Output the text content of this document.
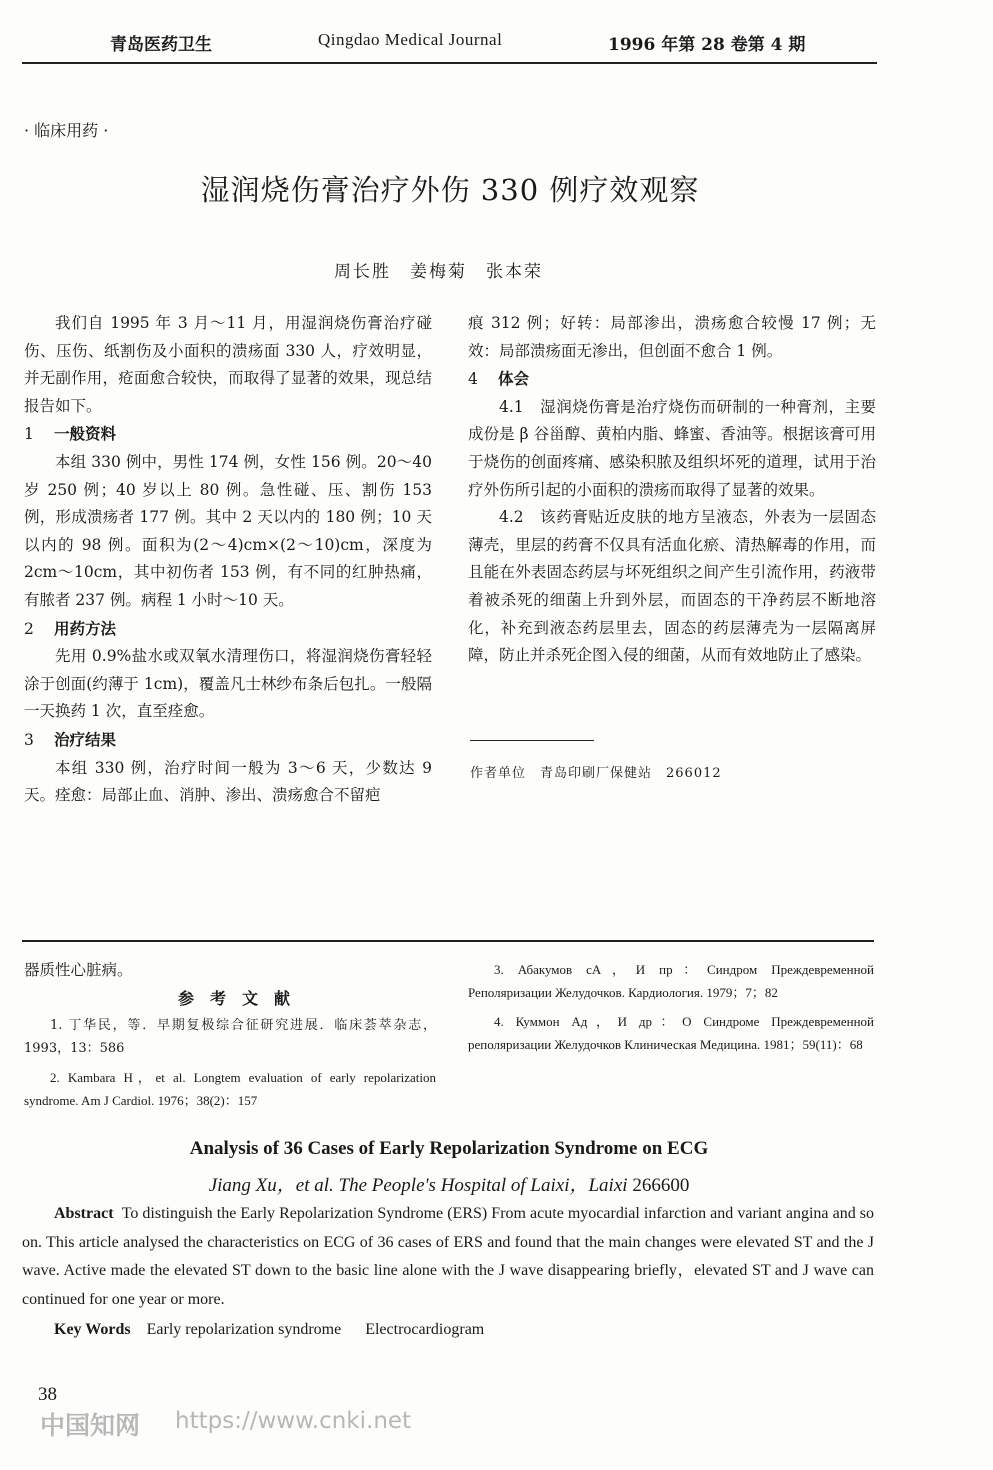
青岛医药卫生	Qingdao Medical Journal	1996 年第 28 卷第 4 期
· 临床用药 ·
湿润烧伤膏治疗外伤 330 例疗效观察
周长胜　姜梅菊　张本荣

我们自 1995 年 3 月～11 月，用湿润烧伤膏治疗碰伤、压伤、纸割伤及小面积的溃疡面 330 人，疗效明显，并无副作用，疮面愈合较快，而取得了显著的效果，现总结报告如下。

1 一般资料

本组 330 例中，男性 174 例，女性 156 例。20～40 岁 250 例；40 岁以上 80 例。急性碰、压、割伤 153 例，形成溃疡者 177 例。其中 2 天以内的 180 例；10 天以内的 98 例。面积为(2～4)cm×(2～10)cm，深度为 2cm～10cm，其中初伤者 153 例，有不同的红肿热痛，有脓者 237 例。病程 1 小时～10 天。

2 用药方法

先用 0.9%盐水或双氧水清理伤口，将湿润烧伤膏轻轻涂于创面(约薄于 1cm)，覆盖凡士林纱布条后包扎。一般隔一天换药 1 次，直至痊愈。

3 治疗结果

本组 330 例，治疗时间一般为 3～6 天，少数达 9 天。痊愈：局部止血、消肿、渗出、溃疡愈合不留疤

痕 312 例；好转：局部渗出，溃疡愈合较慢 17 例；无效：局部溃疡面无渗出，但创面不愈合 1 例。

4 体会

4.1　湿润烧伤膏是治疗烧伤而研制的一种膏剂，主要成份是 β 谷甾醇、黄柏内脂、蜂蜜、香油等。根据该膏可用于烧伤的创面疼痛、感染积脓及组织坏死的道理，试用于治疗外伤所引起的小面积的溃疡而取得了显著的效果。

4.2　该药膏贴近皮肤的地方呈液态，外表为一层固态薄壳，里层的药膏不仅具有活血化瘀、清热解毒的作用，而且能在外表固态药层与坏死组织之间产生引流作用，药液带着被杀死的细菌上升到外层，而固态的干净药层不断地溶化，补充到液态药层里去，固态的药层薄壳为一层隔离屏障，防止并杀死企图入侵的细菌，从而有效地防止了感染。

作者单位　青岛印刷厂保健站　266012
器质性心脏病。
参　考　文　献

1. 丁华民，等．早期复极综合征研究进展．临床荟萃杂志，1993，13：586

2. Kambara H，et al. Longtem evaluation of early repolarization syndrome. Am J Cardiol. 1976；38(2)：157

3. Абакумов сА，И пр：Синдром Преждевременной Реполяризации Желудочков. Кардиология. 1979；7；82

4. Куммон Ад，И др：О Синдроме Преждевременной реполяризации Желудочков Клиническая Медицина. 1981；59(11)：68

Analysis of 36 Cases of Early Repolarization Syndrome on ECG
Jiang Xu，et al. The People's Hospital of Laixi，Laixi 266600

Abstract To distinguish the Early Repolarization Syndrome (ERS) From acute myocardial infarction and variant angina and so on. This article analysed the characteristics on ECG of 36 cases of ERS and found that the main changes were elevated ST and the J wave. Active made the elevated ST down to the basic line alone with the J wave disappearing briefly，elevated ST and J wave can continued for one year or more.

Key Words Early repolarization syndrome Electrocardiogram

38
中国知网 https://www.cnki.net
